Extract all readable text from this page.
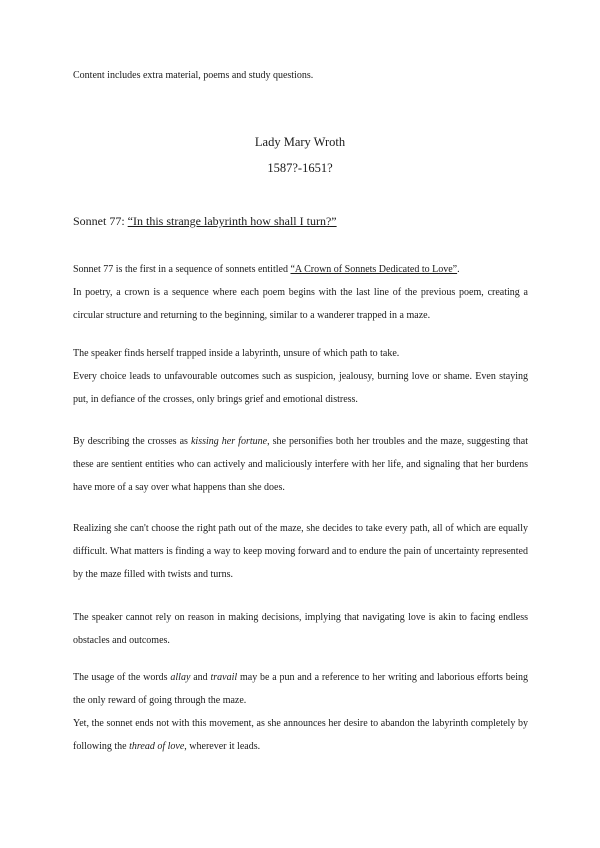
Content includes extra material, poems and study questions.

Lady Mary Wroth

1587?-1651?

Sonnet 77: “In this strange labyrinth how shall I turn?”

Sonnet 77 is the first in a sequence of sonnets entitled “A Crown of Sonnets Dedicated to Love”.
In poetry, a crown is a sequence where each poem begins with the last line of the previous poem, creating a circular structure and returning to the beginning, similar to a wanderer trapped in a maze.

The speaker finds herself trapped inside a labyrinth, unsure of which path to take.
Every choice leads to unfavourable outcomes such as suspicion, jealousy, burning love or shame. Even staying put, in defiance of the crosses, only brings grief and emotional distress.

By describing the crosses as kissing her fortune, she personifies both her troubles and the maze, suggesting that these are sentient entities who can actively and maliciously interfere with her life, and signaling that her burdens have more of a say over what happens than she does.

Realizing she can't choose the right path out of the maze, she decides to take every path, all of which are equally difficult. What matters is finding a way to keep moving forward and to endure the pain of uncertainty represented by the maze filled with twists and turns.

The speaker cannot rely on reason in making decisions, implying that navigating love is akin to facing endless obstacles and outcomes.

The usage of the words allay and travail may be a pun and a reference to her writing and laborious efforts being the only reward of going through the maze.
Yet, the sonnet ends not with this movement, as she announces her desire to abandon the labyrinth completely by following the thread of love, wherever it leads.
